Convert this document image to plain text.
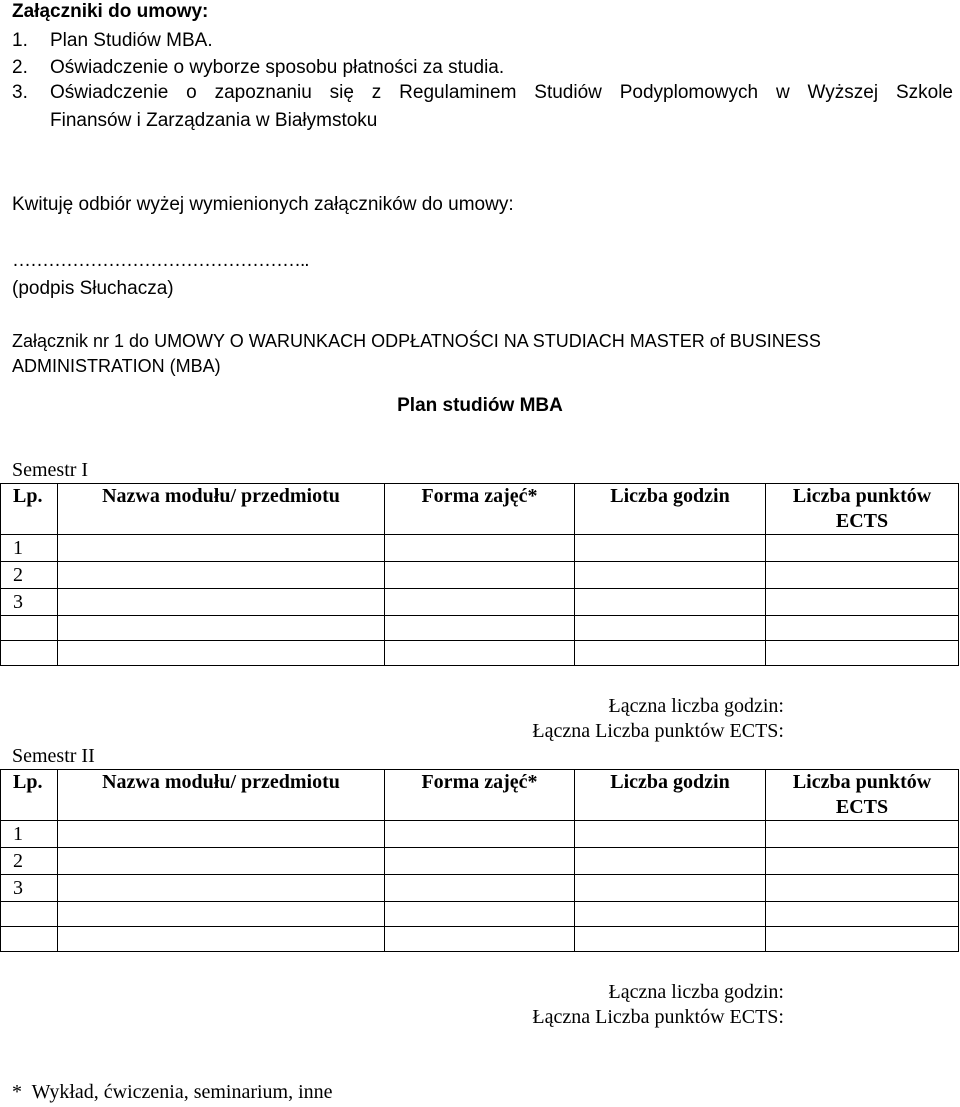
Załączniki do umowy:
1. Plan Studiów MBA.
2. Oświadczenie o wyborze sposobu płatności za studia.
3. Oświadczenie o zapoznaniu się z Regulaminem Studiów Podyplomowych w Wyższej Szkole
Finansów i Zarządzania w Białymstoku
Kwituję odbiór wyżej wymienionych załączników do umowy:
…………………………………………..
(podpis Słuchacza)
Załącznik nr 1 do UMOWY O WARUNKACH ODPŁATNOŚCI NA STUDIACH MASTER of BUSINESS
ADMINISTRATION (MBA)
Plan studiów MBA
Semestr I
Lp.	Nazwa modułu/ przedmiotu	Forma zajęć*	Liczba godzin	Liczba punktów
ECTS
1				
2				
3				

Łączna liczba godzin:
Łączna Liczba punktów ECTS:
Semestr II
Lp.	Nazwa modułu/ przedmiotu	Forma zajęć*	Liczba godzin	Liczba punktów
ECTS
1				
2				
3				

Łączna liczba godzin:
Łączna Liczba punktów ECTS:
*  Wykład, ćwiczenia, seminarium, inne
